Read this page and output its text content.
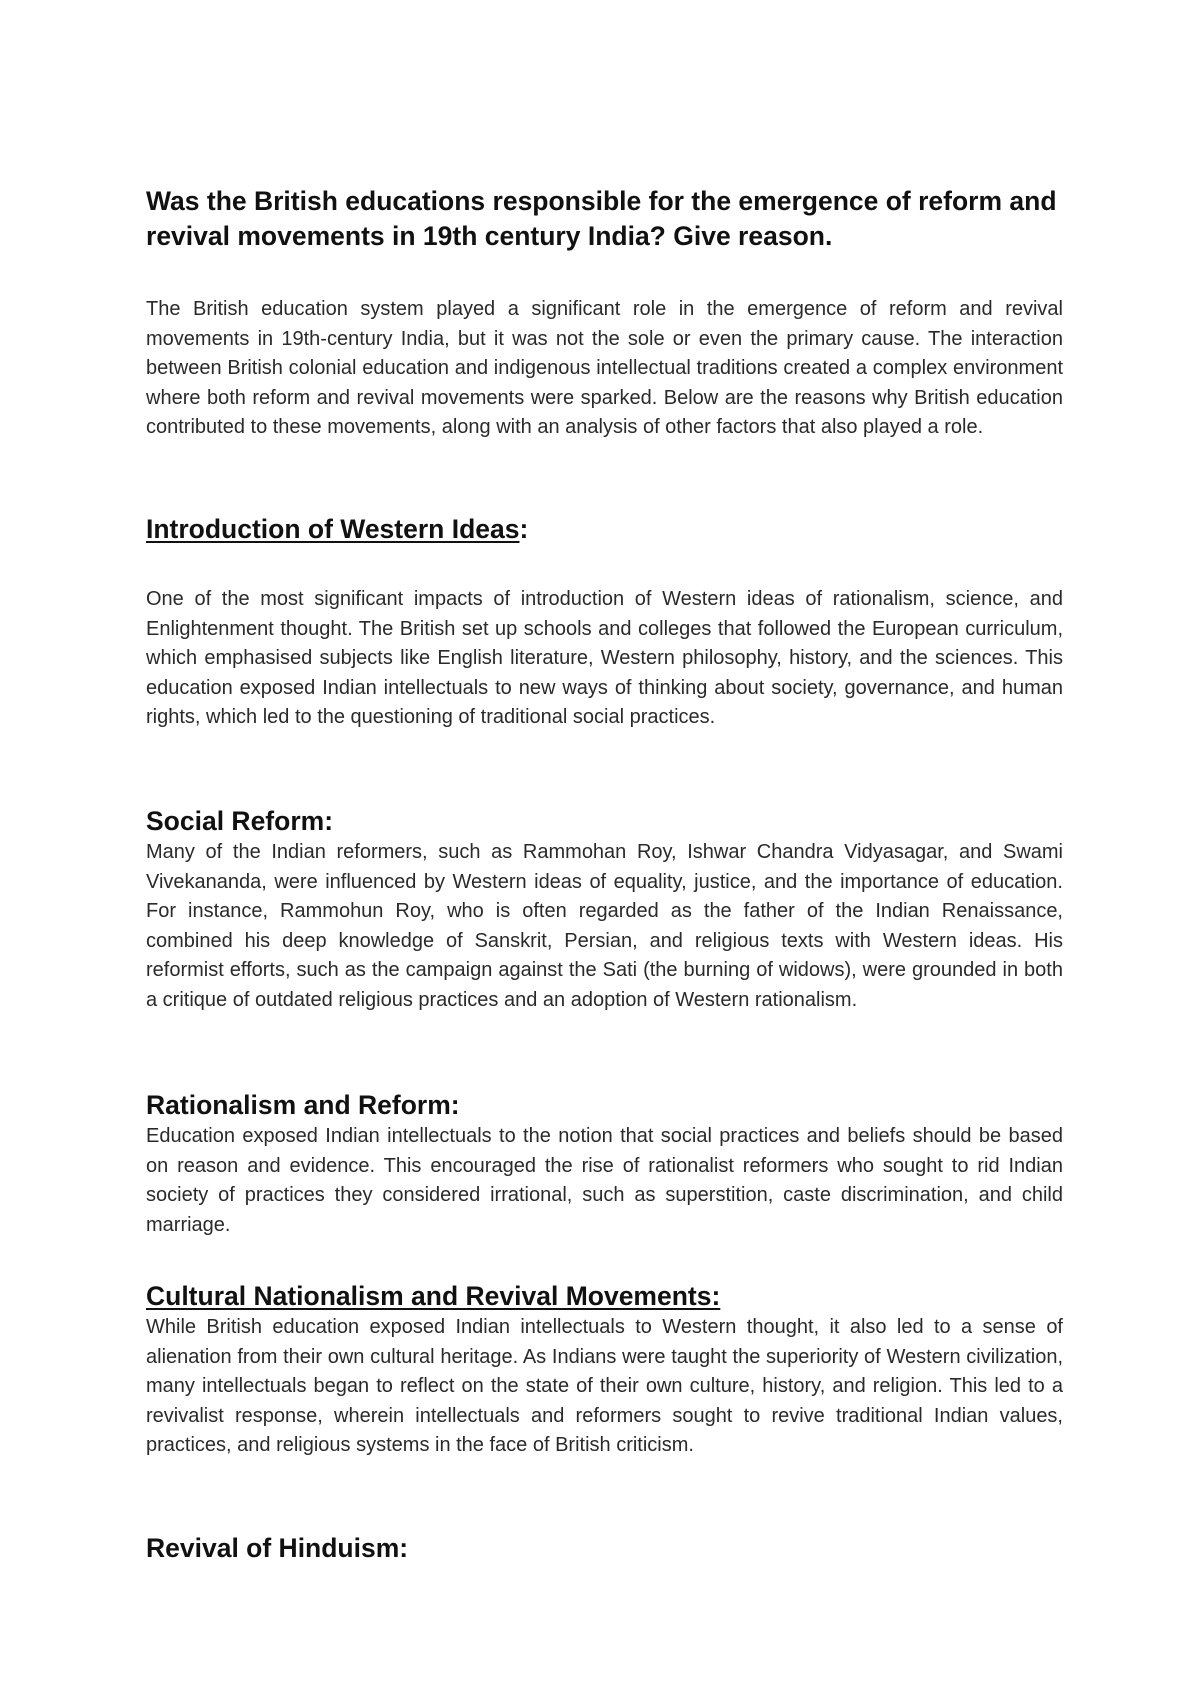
Was the British educations responsible for the emergence of reform and revival movements in 19th century India? Give reason.

The British education system played a significant role in the emergence of reform and revival movements in 19th-century India, but it was not the sole or even the primary cause. The interaction between British colonial education and indigenous intellectual traditions created a complex environment where both reform and revival movements were sparked. Below are the reasons why British education contributed to these movements, along with an analysis of other factors that also played a role.

Introduction of Western Ideas:

One of the most significant impacts of introduction of Western ideas of rationalism, science, and Enlightenment thought. The British set up schools and colleges that followed the European curriculum, which emphasised subjects like English literature, Western philosophy, history, and the sciences. This education exposed Indian intellectuals to new ways of thinking about society, governance, and human rights, which led to the questioning of traditional social practices.

Social Reform:

Many of the Indian reformers, such as Rammohan Roy, Ishwar Chandra Vidyasagar, and Swami Vivekananda, were influenced by Western ideas of equality, justice, and the importance of education. For instance, Rammohun Roy, who is often regarded as the father of the Indian Renaissance, combined his deep knowledge of Sanskrit, Persian, and religious texts with Western ideas. His reformist efforts, such as the campaign against the Sati (the burning of widows), were grounded in both a critique of outdated religious practices and an adoption of Western rationalism.

Rationalism and Reform:

Education exposed Indian intellectuals to the notion that social practices and beliefs should be based on reason and evidence. This encouraged the rise of rationalist reformers who sought to rid Indian society of practices they considered irrational, such as superstition, caste discrimination, and child marriage.

Cultural Nationalism and Revival Movements:

While British education exposed Indian intellectuals to Western thought, it also led to a sense of alienation from their own cultural heritage. As Indians were taught the superiority of Western civilization, many intellectuals began to reflect on the state of their own culture, history, and religion. This led to a revivalist response, wherein intellectuals and reformers sought to revive traditional Indian values, practices, and religious systems in the face of British criticism.

Revival of Hinduism:
